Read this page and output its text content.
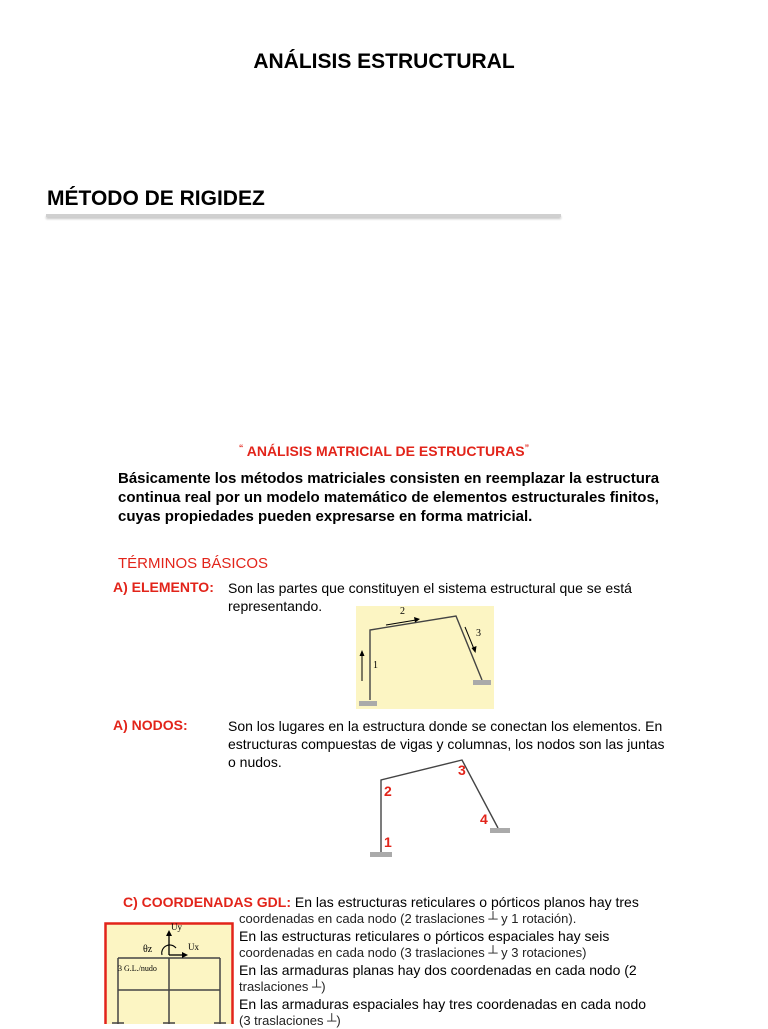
ANÁLISIS ESTRUCTURAL
MÉTODO DE RIGIDEZ
“ ANÁLISIS MATRICIAL DE ESTRUCTURAS”
Básicamente los métodos matriciales consisten en reemplazar la estructura continua real por un modelo matemático de elementos estructurales finitos, cuyas propiedades pueden expresarse en forma matricial.
TÉRMINOS BÁSICOS
A) ELEMENTO: Son las partes que constituyen el sistema estructural que se está representando.
1
2
3
A) NODOS:	Son los lugares en la estructura donde se conectan los elementos. En estructuras compuestas de vigas y columnas, los nodos son las juntas o nudos.
1
2
3
4
C) COORDENADAS GDL: En las estructuras reticulares o pórticos planos hay tres
coordenadas en cada nodo (2 traslaciones ┴ y 1 rotación).
En las estructuras reticulares o pórticos espaciales hay seis
coordenadas en cada nodo (3 traslaciones ┴ y 3 rotaciones)
En las armaduras planas hay dos coordenadas en cada nodo (2
traslaciones ┴)
En las armaduras espaciales hay tres coordenadas en cada nodo
(3 traslaciones ┴)
Uy
Ux
θz
3 G.L./nudo
